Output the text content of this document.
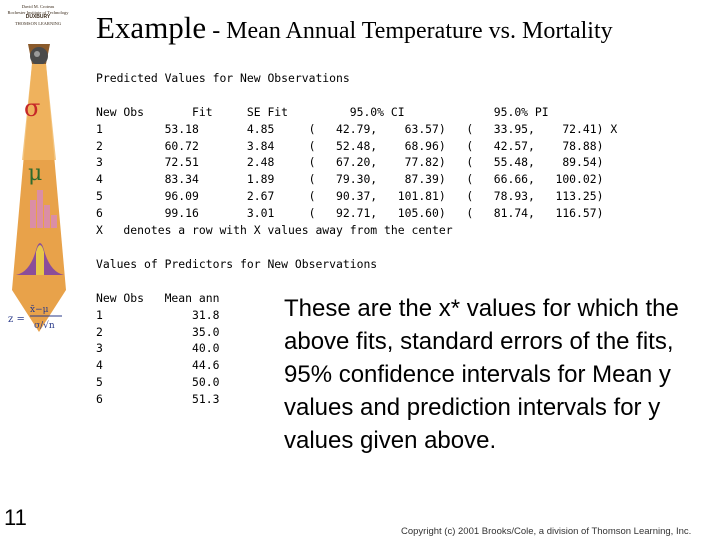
David M. Croteau
Rochester Institute of Technology
DUXBURY
THOMSON LEARNING
σ
μ
z =
x̄−μ
σ/√n
11
Example - Mean Annual Temperature vs. Mortality
Predicted Values for New Observations
New Obs       Fit     SE Fit         95.0% CI             95.0% PI
1         53.18       4.85     (   42.79,    63.57)   (   33.95,    72.41) X
2         60.72       3.84     (   52.48,    68.96)   (   42.57,    78.88)
3         72.51       2.48     (   67.20,    77.82)   (   55.48,    89.54)
4         83.34       1.89     (   79.30,    87.39)   (   66.66,   100.02)
5         96.09       2.67     (   90.37,   101.81)   (   78.93,   113.25)
6         99.16       3.01     (   92.71,   105.60)   (   81.74,   116.57)
X   denotes a row with X values away from the center
Values of Predictors for New Observations
New Obs   Mean ann
1             31.8
2             35.0
3             40.0
4             44.6
5             50.0
6             51.3
These are the x* values for which the above fits, standard errors of the fits, 95% confidence intervals for Mean y values and prediction intervals for y values given above.
Copyright (c) 2001 Brooks/Cole, a division of Thomson Learning, Inc.
